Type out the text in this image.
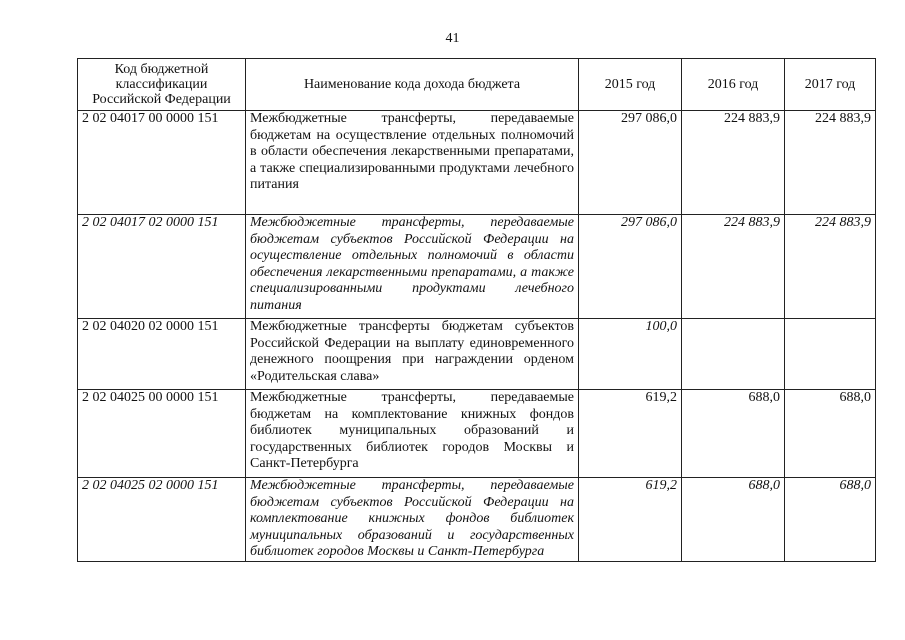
41
Код бюджетной классификации Российской Федерации	Наименование кода дохода бюджета	2015 год	2016 год	2017 год
2 02 04017 00 0000 151	Межбюджетные трансферты, передаваемые бюджетам на осуществление отдельных полномочий в области обеспечения лекарственными препаратами, а также специализированными продуктами лечебного питания	297 086,0	224 883,9	224 883,9
2 02 04017 02 0000 151	Межбюджетные трансферты, передаваемые бюджетам субъектов Российской Федерации на осуществление отдельных полномочий в области обеспечения лекарственными препаратами, а также специализированными продуктами лечебного питания	297 086,0	224 883,9	224 883,9
2 02 04020 02 0000 151	Межбюджетные трансферты бюджетам субъектов Российской Федерации на выплату единовременного денежного поощрения при награждении орденом «Родительская слава»	100,0		
2 02 04025 00 0000 151	Межбюджетные трансферты, передаваемые бюджетам на комплектование книжных фондов библиотек муниципальных образований и государственных библиотек городов Москвы и Санкт-Петербурга	619,2	688,0	688,0
2 02 04025 02 0000 151	Межбюджетные трансферты, передаваемые бюджетам субъектов Российской Федерации на комплектование книжных фондов библиотек муниципальных образований и государственных библиотек городов Москвы и Санкт-Петербурга	619,2	688,0	688,0
